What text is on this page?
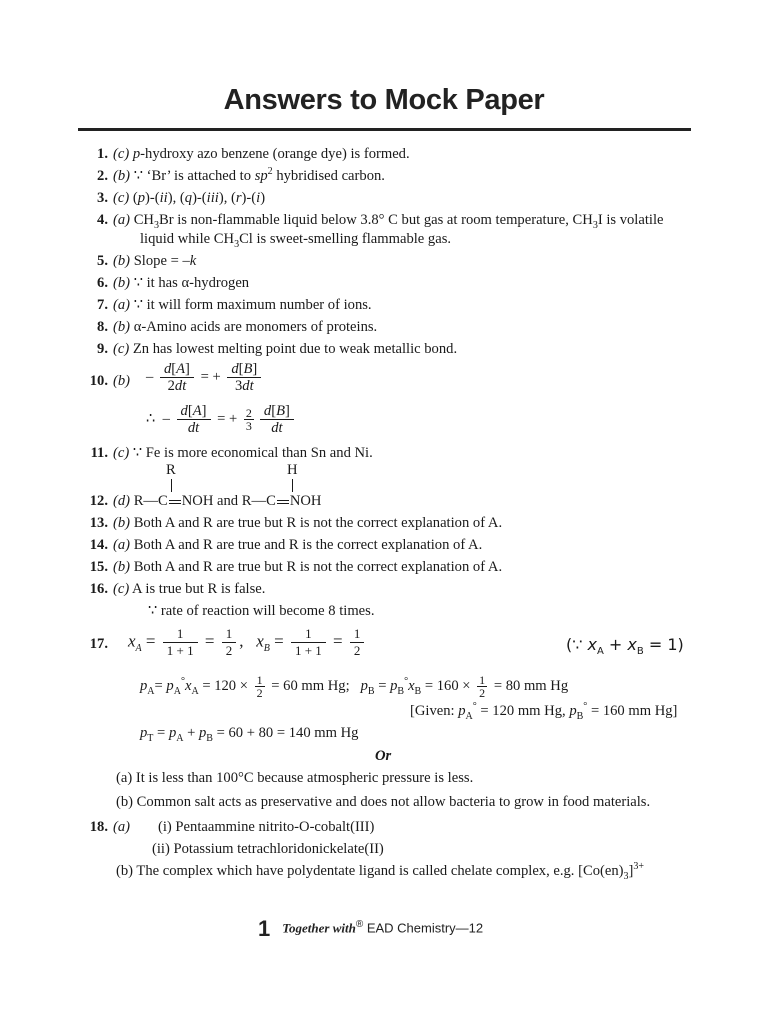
Answers to Mock Paper
1. (c) p-hydroxy azo benzene (orange dye) is formed.
2. (b) ∵ ‘Br’ is attached to $sp^2$ hybridised carbon.
3. (c) (p)-(ii), (q)-(iii), (r)-(i)
4. (a) $CH_3Br$ is non-flammable liquid below 3.8° C but gas at room temperature, $CH_3I$ is volatile
liquid while $CH_3Cl$ is sweet-smelling flammable gas.
5. (b) Slope = –k
6. (b) ∵ it has α-hydrogen
7. (a) ∵ it will form maximum number of ions.
8. (b) α-Amino acids are monomers of proteins.
9. (c) Zn has lowest melting point due to weak metallic bond.
10. $(b) - \frac{d[A]}{2dt}$ = + $\frac{d[B]}{3dt}$
∴  – $\frac{d[A]}{dt}$ = + $\frac{2}{3} \frac{d[B]}{dt}$
11. (c) ∵ Fe is more economical than Sn and Ni.
R	H
12. (d) R—C NOH and R—C NOH
13. (b) Both A and R are true but R is not the correct explanation of A.
14. (a) Both A and R are true and R is the correct explanation of A.
15. (b) Both A and R are true but R is not the correct explanation of A.
16. (c) A is true but R is false.
∵ rate of reaction will become 8 times.
17. $x_A = \frac{1}{1 + 1} = \frac{1}{2}$ ,   $x_B = \frac{1}{1 + 1} = \frac{1}{2}$	(∵ $x_A + x_B = 1$)
$p_A= p_A^\circ x_A = 120 \times \frac{1}{2} = 60$ mm Hg;   $p_B = p_B^\circ x_B = 160 \times \frac{1}{2} = 80$ mm Hg
[Given: $p_A^\circ = 120$ mm Hg, $p_B^\circ = 160$ mm Hg]
$p_T = p_A + p_B = 60 + 80 = 140$ mm Hg
Or
(a) It is less than 100°C because atmospheric pressure is less.
(b) Common salt acts as preservative and does not allow bacteria to grow in food materials.
18. (a) (i) Pentaammine nitrito-O-cobalt(III)
(ii) Potassium tetrachloridonickelate(II)
(b) The complex which have polydentate ligand is called chelate complex, e.g. $[Co(en)_3]^{3+}$
1 Together with® EAD Chemistry—12
